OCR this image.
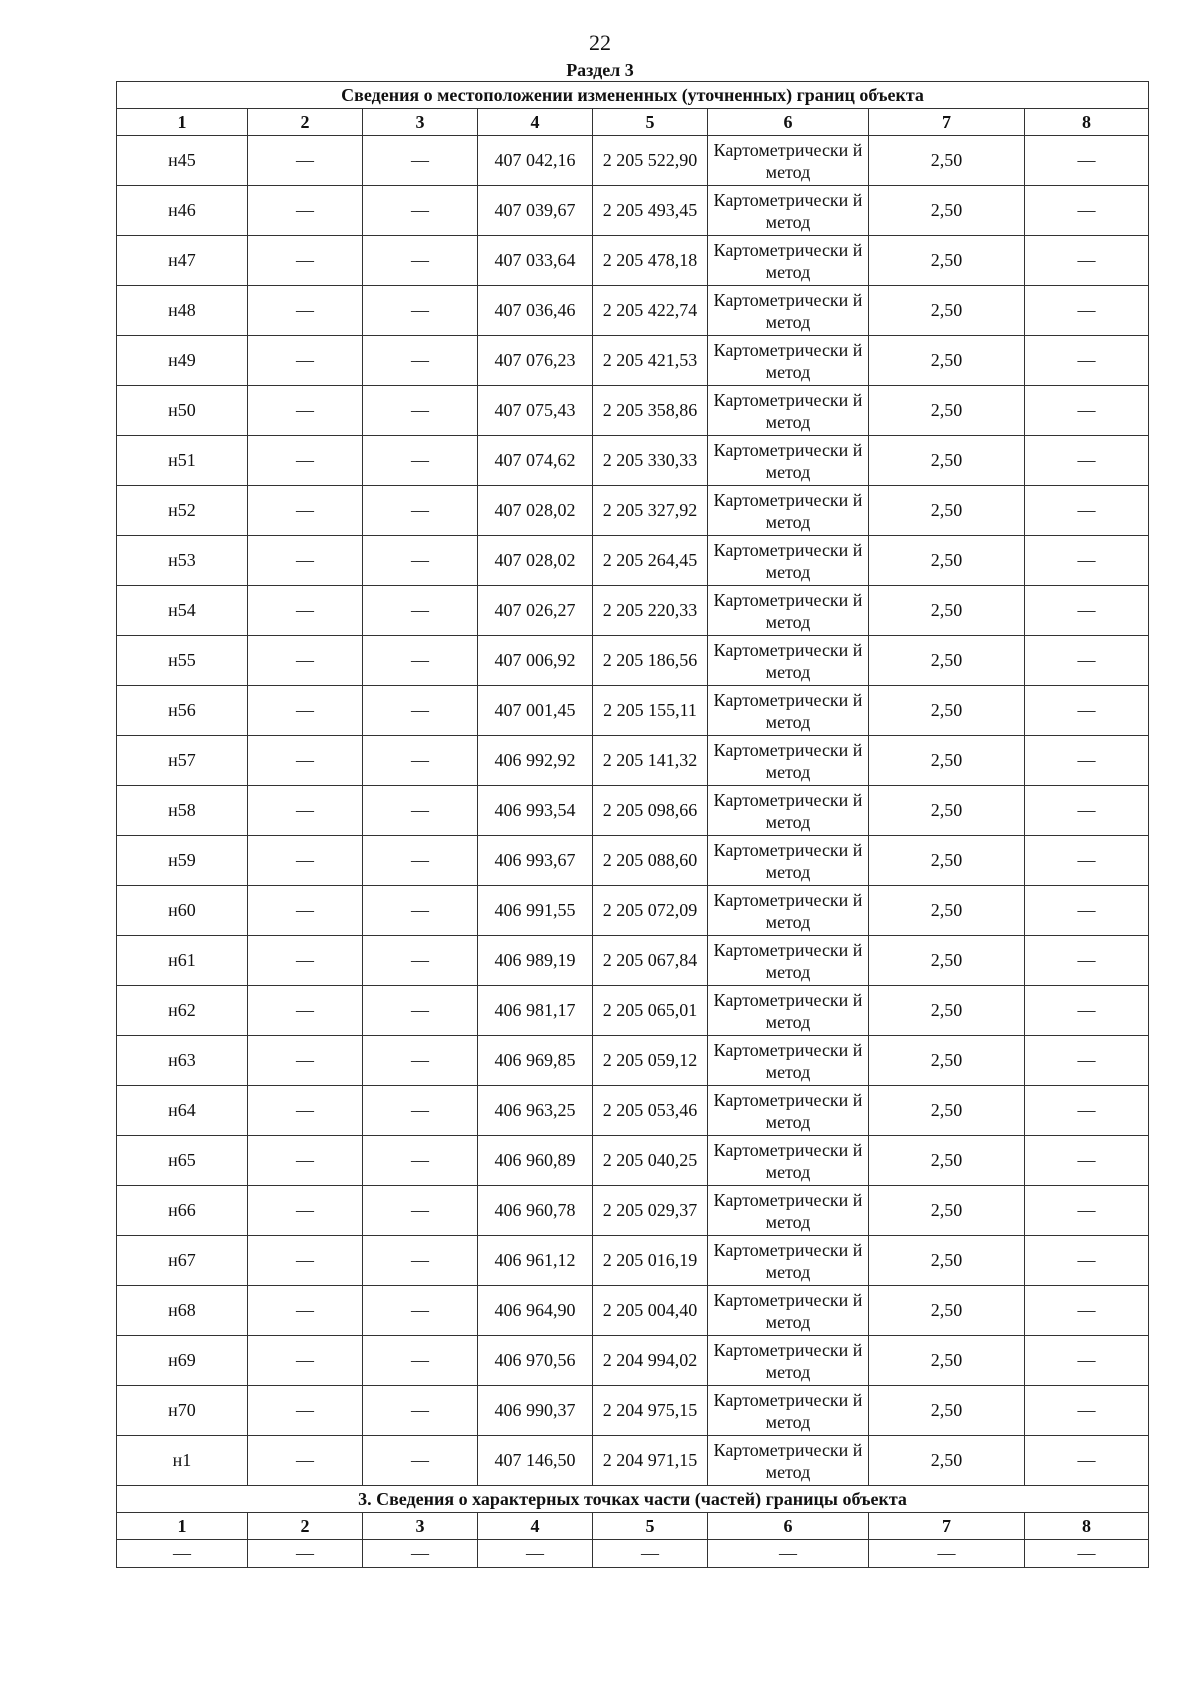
22
Раздел 3
Сведения о местоположении измененных (уточненных) границ объекта							
1	2	3	4	5	6	7	8
н45	—	—	407 042,16	2 205 522,90	Картометрически й метод	2,50	—
н46	—	—	407 039,67	2 205 493,45	Картометрически й метод	2,50	—
н47	—	—	407 033,64	2 205 478,18	Картометрически й метод	2,50	—
н48	—	—	407 036,46	2 205 422,74	Картометрически й метод	2,50	—
н49	—	—	407 076,23	2 205 421,53	Картометрически й метод	2,50	—
н50	—	—	407 075,43	2 205 358,86	Картометрически й метод	2,50	—
н51	—	—	407 074,62	2 205 330,33	Картометрически й метод	2,50	—
н52	—	—	407 028,02	2 205 327,92	Картометрически й метод	2,50	—
н53	—	—	407 028,02	2 205 264,45	Картометрически й метод	2,50	—
н54	—	—	407 026,27	2 205 220,33	Картометрически й метод	2,50	—
н55	—	—	407 006,92	2 205 186,56	Картометрически й метод	2,50	—
н56	—	—	407 001,45	2 205 155,11	Картометрически й метод	2,50	—
н57	—	—	406 992,92	2 205 141,32	Картометрически й метод	2,50	—
н58	—	—	406 993,54	2 205 098,66	Картометрически й метод	2,50	—
н59	—	—	406 993,67	2 205 088,60	Картометрически й метод	2,50	—
н60	—	—	406 991,55	2 205 072,09	Картометрически й метод	2,50	—
н61	—	—	406 989,19	2 205 067,84	Картометрически й метод	2,50	—
н62	—	—	406 981,17	2 205 065,01	Картометрически й метод	2,50	—
н63	—	—	406 969,85	2 205 059,12	Картометрически й метод	2,50	—
н64	—	—	406 963,25	2 205 053,46	Картометрически й метод	2,50	—
н65	—	—	406 960,89	2 205 040,25	Картометрически й метод	2,50	—
н66	—	—	406 960,78	2 205 029,37	Картометрически й метод	2,50	—
н67	—	—	406 961,12	2 205 016,19	Картометрически й метод	2,50	—
н68	—	—	406 964,90	2 205 004,40	Картометрически й метод	2,50	—
н69	—	—	406 970,56	2 204 994,02	Картометрически й метод	2,50	—
н70	—	—	406 990,37	2 204 975,15	Картометрически й метод	2,50	—
н1	—	—	407 146,50	2 204 971,15	Картометрически й метод	2,50	—
3. Сведения о характерных точках части (частей) границы объекта							
1	2	3	4	5	6	7	8
—	—	—	—	—	—	—	—
